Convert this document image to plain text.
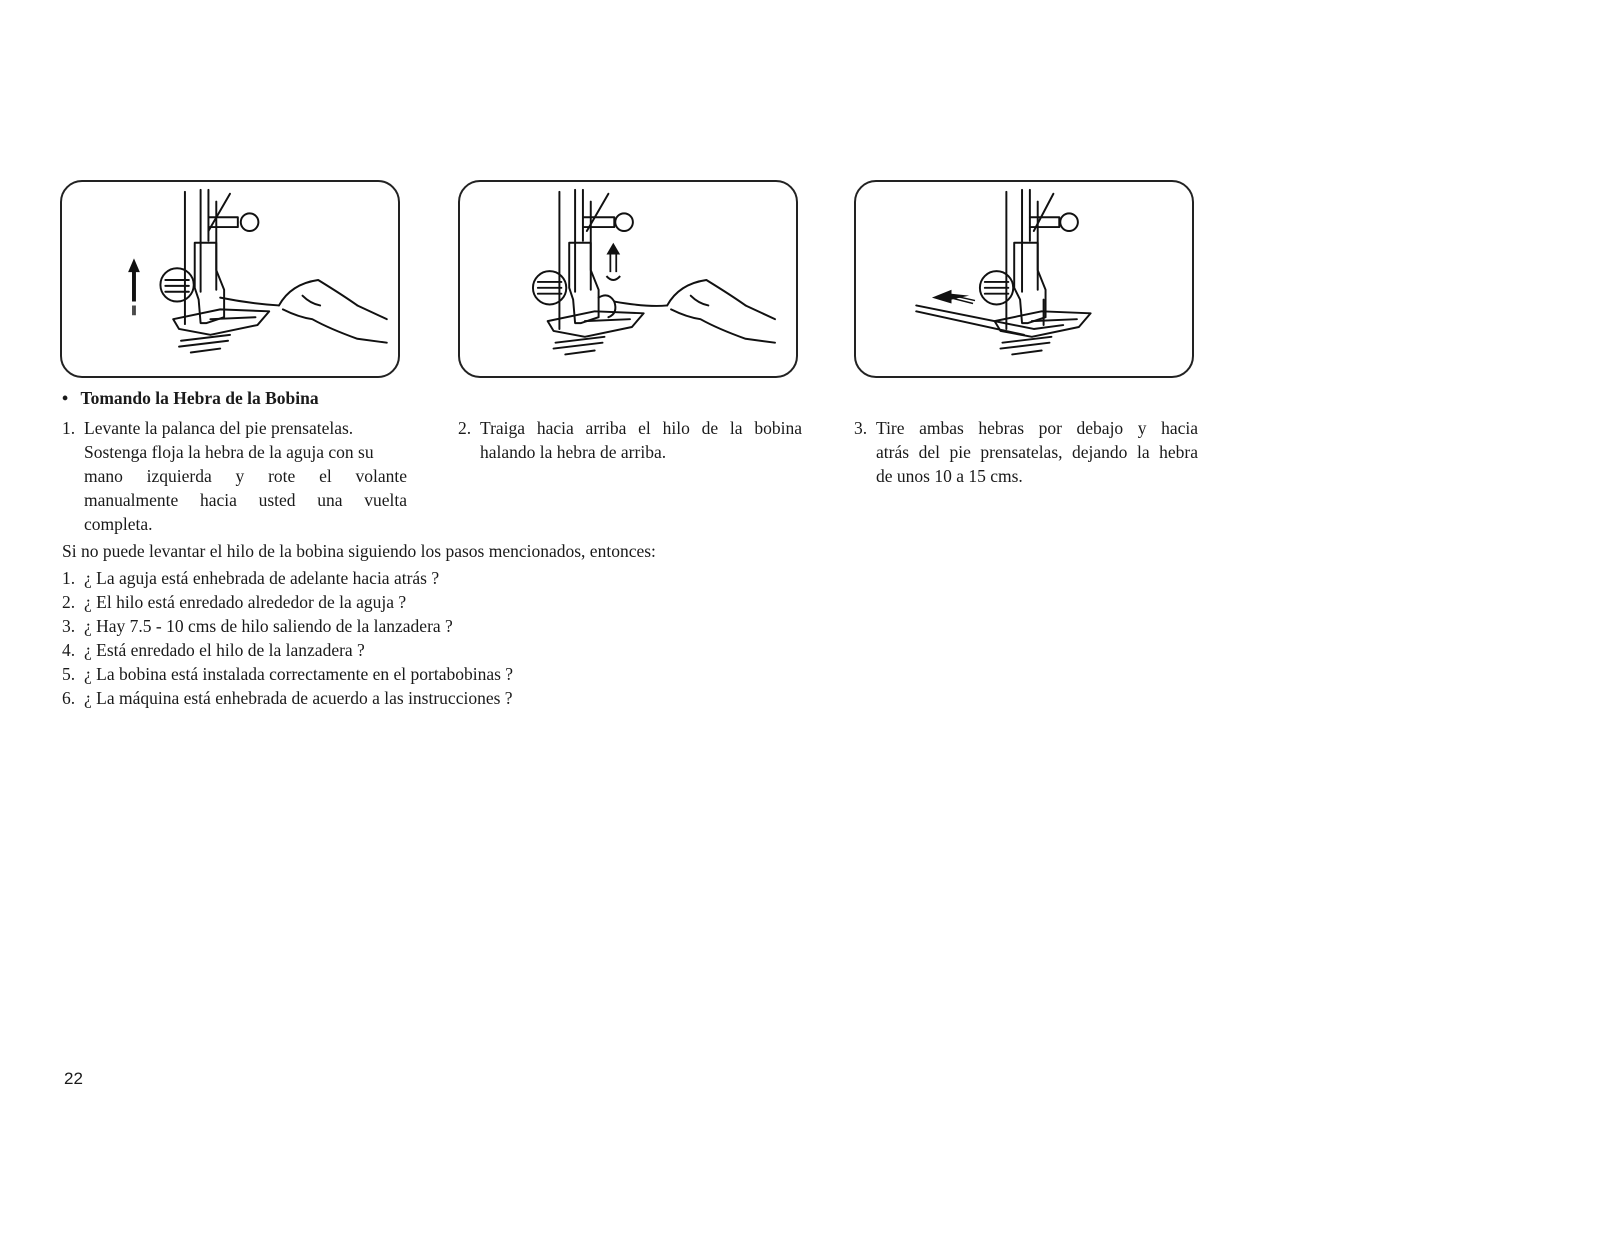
• Tomando la Hebra de la Bobina
1. Levante la palanca del pie prensatelas.
Sostenga floja la hebra de la aguja con su
mano izquierda y rote el volante
manualmente hacia usted una vuelta
completa.
2. Traiga hacia arriba el hilo de la bobina
halando la hebra de arriba.
3. Tire ambas hebras por debajo y hacia
atrás del pie prensatelas, dejando la hebra
de unos 10 a 15 cms.
Si no puede levantar el hilo de la bobina siguiendo los pasos mencionados, entonces:
1. ¿ La aguja está enhebrada de adelante hacia atrás ?
2. ¿ El hilo está enredado alrededor de la aguja ?
3. ¿ Hay 7.5 - 10 cms de hilo saliendo de la lanzadera ?
4. ¿ Está enredado el hilo de la lanzadera ?
5. ¿ La bobina está instalada correctamente en el portabobinas ?
6. ¿ La máquina está enhebrada de acuerdo a las instrucciones ?
22
